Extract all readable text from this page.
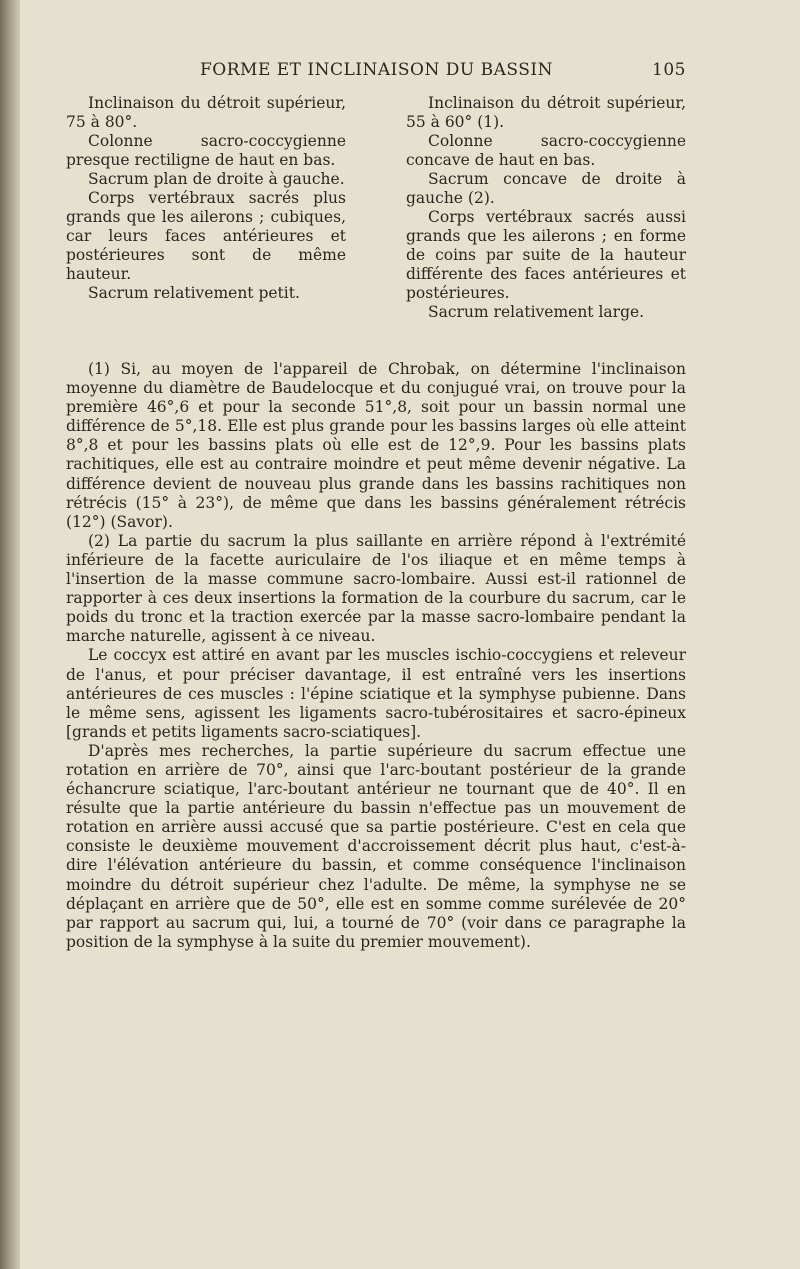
FORME ET INCLINAISON DU BASSIN	105

Inclinaison du détroit supérieur, 75 à 80°.

Colonne sacro-coccygienne presque rectiligne de haut en bas.

Sacrum plan de droite à gauche.

Corps vertébraux sacrés plus grands que les ailerons ; cubiques, car leurs faces antérieures et postérieures sont de même hauteur.

Sacrum relativement petit.

Inclinaison du détroit supérieur, 55 à 60° (1).

Colonne sacro-coccygienne concave de haut en bas.

Sacrum concave de droite à gauche (2).

Corps vertébraux sacrés aussi grands que les ailerons ; en forme de coins par suite de la hauteur différente des faces antérieures et postérieures.

Sacrum relativement large.

(1) Si, au moyen de l'appareil de Chrobak, on détermine l'inclinaison moyenne du diamètre de Baudelocque et du conjugué vrai, on trouve pour la première 46°,6 et pour la seconde 51°,8, soit pour un bassin normal une différence de 5°,18. Elle est plus grande pour les bassins larges où elle atteint 8°,8 et pour les bassins plats où elle est de 12°,9. Pour les bassins plats rachitiques, elle est au contraire moindre et peut même devenir négative. La différence devient de nouveau plus grande dans les bassins rachitiques non rétrécis (15° à 23°), de même que dans les bassins généralement rétrécis (12°) (Savor).

(2) La partie du sacrum la plus saillante en arrière répond à l'extrémité inférieure de la facette auriculaire de l'os iliaque et en même temps à l'insertion de la masse commune sacro-lombaire. Aussi est-il rationnel de rapporter à ces deux insertions la formation de la courbure du sacrum, car le poids du tronc et la traction exercée par la masse sacro-lombaire pendant la marche naturelle, agissent à ce niveau.

Le coccyx est attiré en avant par les muscles ischio-coccygiens et releveur de l'anus, et pour préciser davantage, il est entraîné vers les insertions antérieures de ces muscles : l'épine sciatique et la symphyse pubienne. Dans le même sens, agissent les ligaments sacro-tubérositaires et sacro-épineux [grands et petits ligaments sacro-sciatiques].

D'après mes recherches, la partie supérieure du sacrum effectue une rotation en arrière de 70°, ainsi que l'arc-boutant postérieur de la grande échancrure sciatique, l'arc-boutant antérieur ne tournant que de 40°. Il en résulte que la partie antérieure du bassin n'effectue pas un mouvement de rotation en arrière aussi accusé que sa partie postérieure. C'est en cela que consiste le deuxième mouvement d'accroissement décrit plus haut, c'est-à-dire l'élévation antérieure du bassin, et comme conséquence l'inclinaison moindre du détroit supérieur chez l'adulte. De même, la symphyse ne se déplaçant en arrière que de 50°, elle est en somme comme surélevée de 20° par rapport au sacrum qui, lui, a tourné de 70° (voir dans ce paragraphe la position de la symphyse à la suite du premier mouvement).
